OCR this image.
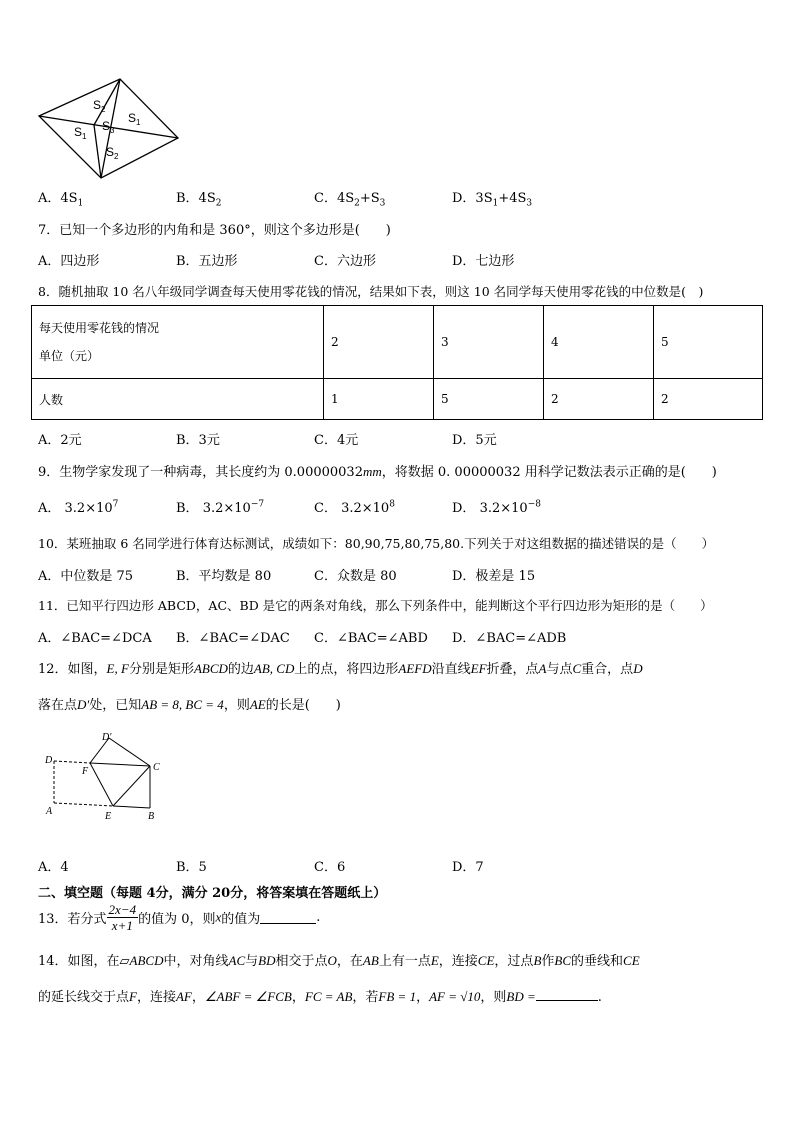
$S_2$
$S_1$
$S_3$
$S_1$
$S_2$
A．$4S_1$	B．$4S_2$	C．$4S_2+S_3$	D．$3S_1+4S_3$
7．已知一个多边形的内角和是 360°，则这个多边形是(　　)
A．四边形	B．五边形	C．六边形	D．七边形
8．随机抽取 10 名八年级同学调查每天使用零花钱的情况，结果如下表，则这 10 名同学每天使用零花钱的中位数是(　)
每天使用零花钱的情况
单位（元）	2	3	4	5
人数	1	5	2	2
A．2元	B．3元	C．4元	D．5元
9．生物学家发现了一种病毒，其长度约为 0.00000032mm，将数据 0. 00000032 用科学记数法表示正确的是(　　)
A． $3.2\times 10^7$	B． $3.2\times 10^{-7}$	C． $3.2\times 10^8$	D． $3.2\times 10^{-8}$
10．某班抽取 6 名同学进行体育达标测试，成绩如下：80,90,75,80,75,80.下列关于对这组数据的描述错误的是（　　）
A．中位数是 75	B．平均数是 80	C．众数是 80	D．极差是 15
11．已知平行四边形 ABCD，AC、BD 是它的两条对角线，那么下列条件中，能判断这个平行四边形为矩形的是（　　）
A．∠BAC=∠DCA B．∠BAC=∠DAC C．∠BAC=∠ABD D．∠BAC=∠ADB
12．如图，E, F分别是矩形ABCD的边AB, CD上的点，将四边形AEFD沿直线EF折叠，点A与点C重合，点D
落在点D′处，已知AB = 8, BC = 4，则AE的长是(　　)
D′
D
F	C
A	E	B
A．4	B．5	C．6	D．7
二、填空题（每题 4分，满分 20分，将答案填在答题纸上）
13．若分式 $\frac{2x-4}{x+1}$ 的值为 0，则x的值为	.
14．如图，在▱ABCD中，对角线AC与BD相交于点O，在AB上有一点E，连接CE，过点B作BC的垂线和CE
的延长线交于点F，连接AF，∠ABF = ∠FCB，FC = AB，若FB = 1，AF = √10，则BD =	.
